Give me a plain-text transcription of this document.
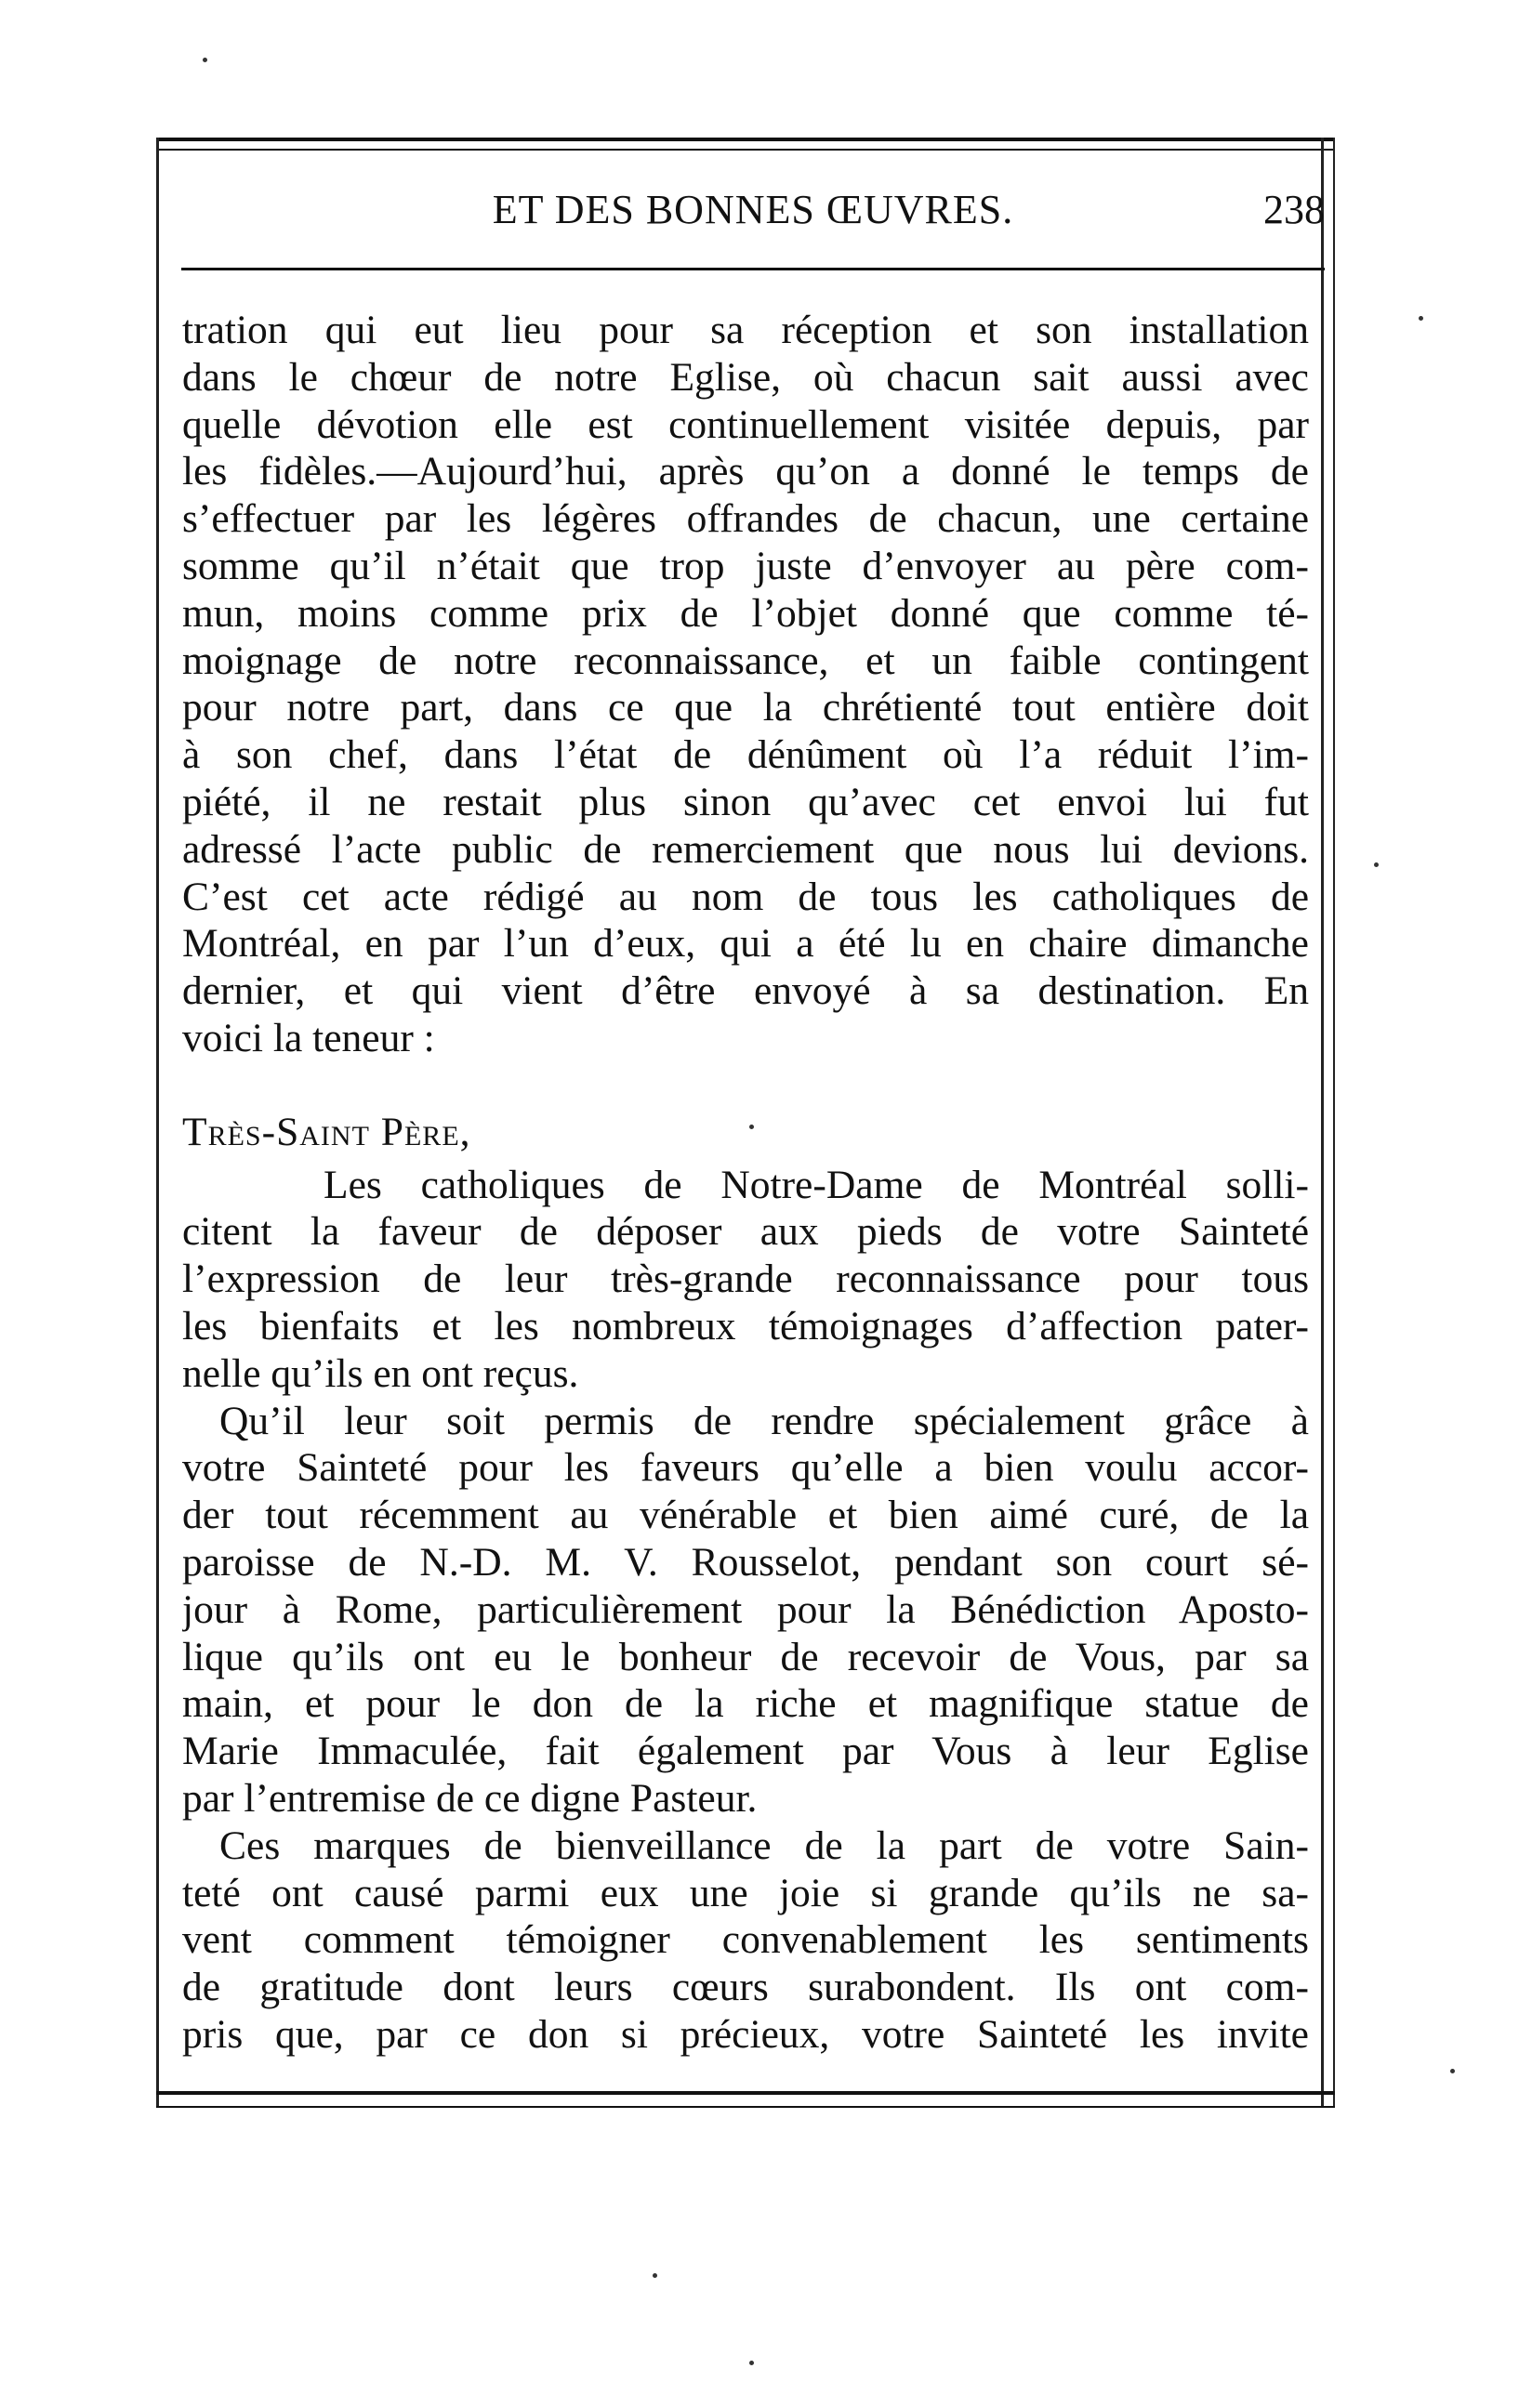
ET DES BONNES ŒUVRES.	238
tration qui eut lieu pour sa réception et son installation
dans le chœur de notre Eglise, où chacun sait aussi avec
quelle dévotion elle est continuellement visitée depuis, par
les fidèles.—Aujourd’hui, après qu’on a donné le temps de
s’effectuer par les légères offrandes de chacun, une certaine
somme qu’il n’était que trop juste d’envoyer au père com-
mun, moins comme prix de l’objet donné que comme té-
moignage de notre reconnaissance, et un faible contingent
pour notre part, dans ce que la chrétienté tout entière doit
à son chef, dans l’état de dénûment où l’a réduit l’im-
piété, il ne restait plus sinon qu’avec cet envoi lui fut
adressé l’acte public de remerciement que nous lui devions.
C’est cet acte rédigé au nom de tous les catholiques de
Montréal, en par l’un d’eux, qui a été lu en chaire dimanche
dernier, et qui vient d’être envoyé à sa destination. En
voici la teneur :
Très-Saint Père,
Les catholiques de Notre-Dame de Montréal solli-
citent la faveur de déposer aux pieds de votre Sainteté
l’expression de leur très-grande reconnaissance pour tous
les bienfaits et les nombreux témoignages d’affection pater-
nelle qu’ils en ont reçus.
Qu’il leur soit permis de rendre spécialement grâce à
votre Sainteté pour les faveurs qu’elle a bien voulu accor-
der tout récemment au vénérable et bien aimé curé, de la
paroisse de N.-D. M. V. Rousselot, pendant son court sé-
jour à Rome, particulièrement pour la Bénédiction Aposto-
lique qu’ils ont eu le bonheur de recevoir de Vous, par sa
main, et pour le don de la riche et magnifique statue de
Marie Immaculée, fait également par Vous à leur Eglise
par l’entremise de ce digne Pasteur.
Ces marques de bienveillance de la part de votre Sain-
teté ont causé parmi eux une joie si grande qu’ils ne sa-
vent comment témoigner convenablement les sentiments
de gratitude dont leurs cœurs surabondent. Ils ont com-
pris que, par ce don si précieux, votre Sainteté les invite
